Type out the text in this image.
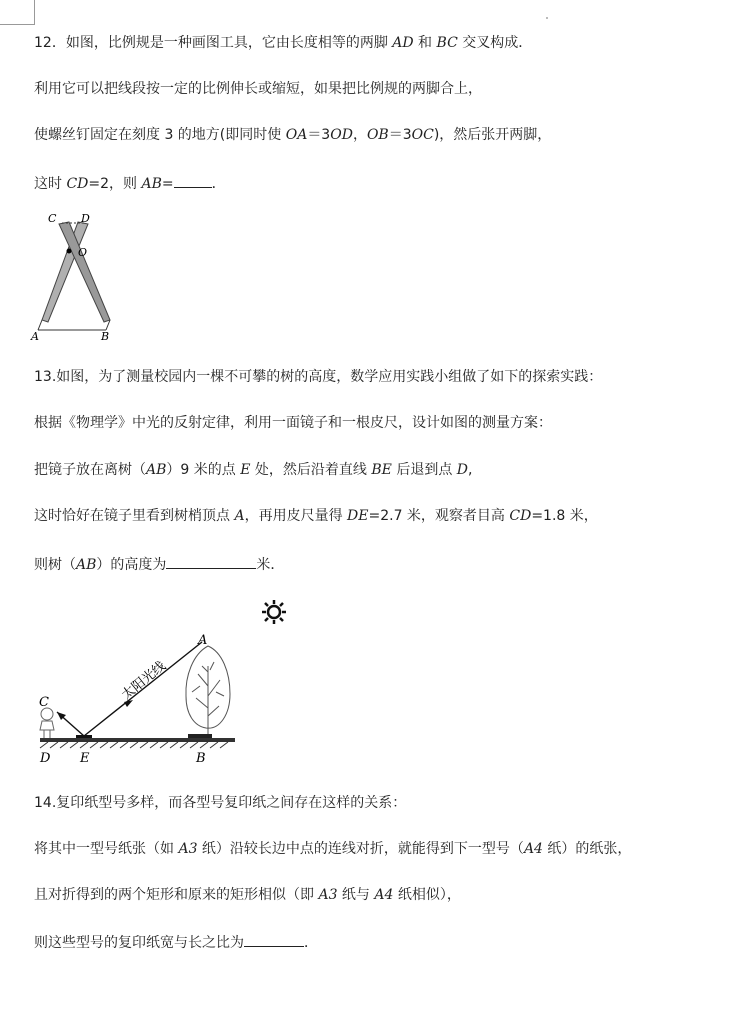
12．如图，比例规是一种画图工具，它由长度相等的两脚 AD 和 BC 交叉构成．
利用它可以把线段按一定的比例伸长或缩短，如果把比例规的两脚合上，
使螺丝钉固定在刻度 3 的地方(即同时使 OA＝3OD，OB＝3OC)，然后张开两脚，
这时 CD=2，则 AB=	．
C D
O
A	B
13.如图，为了测量校园内一棵不可攀的树的高度，数学应用实践小组做了如下的探索实践：
根据《物理学》中光的反射定律，利用一面镜子和一根皮尺，设计如图的测量方案：
把镜子放在离树（AB）9 米的点 E 处，然后沿着直线 BE 后退到点 D,
这时恰好在镜子里看到树梢顶点 A，再用皮尺量得 DE=2.7 米，观察者目高 CD=1.8 米，
则树（AB）的高度为	米．
太阳光线
A
B
C
D E
14.复印纸型号多样，而各型号复印纸之间存在这样的关系：
将其中一型号纸张（如 A3 纸）沿较长边中点的连线对折，就能得到下一型号（A4 纸）的纸张，
且对折得到的两个矩形和原来的矩形相似（即 A3 纸与 A4 纸相似），
则这些型号的复印纸宽与长之比为	．
